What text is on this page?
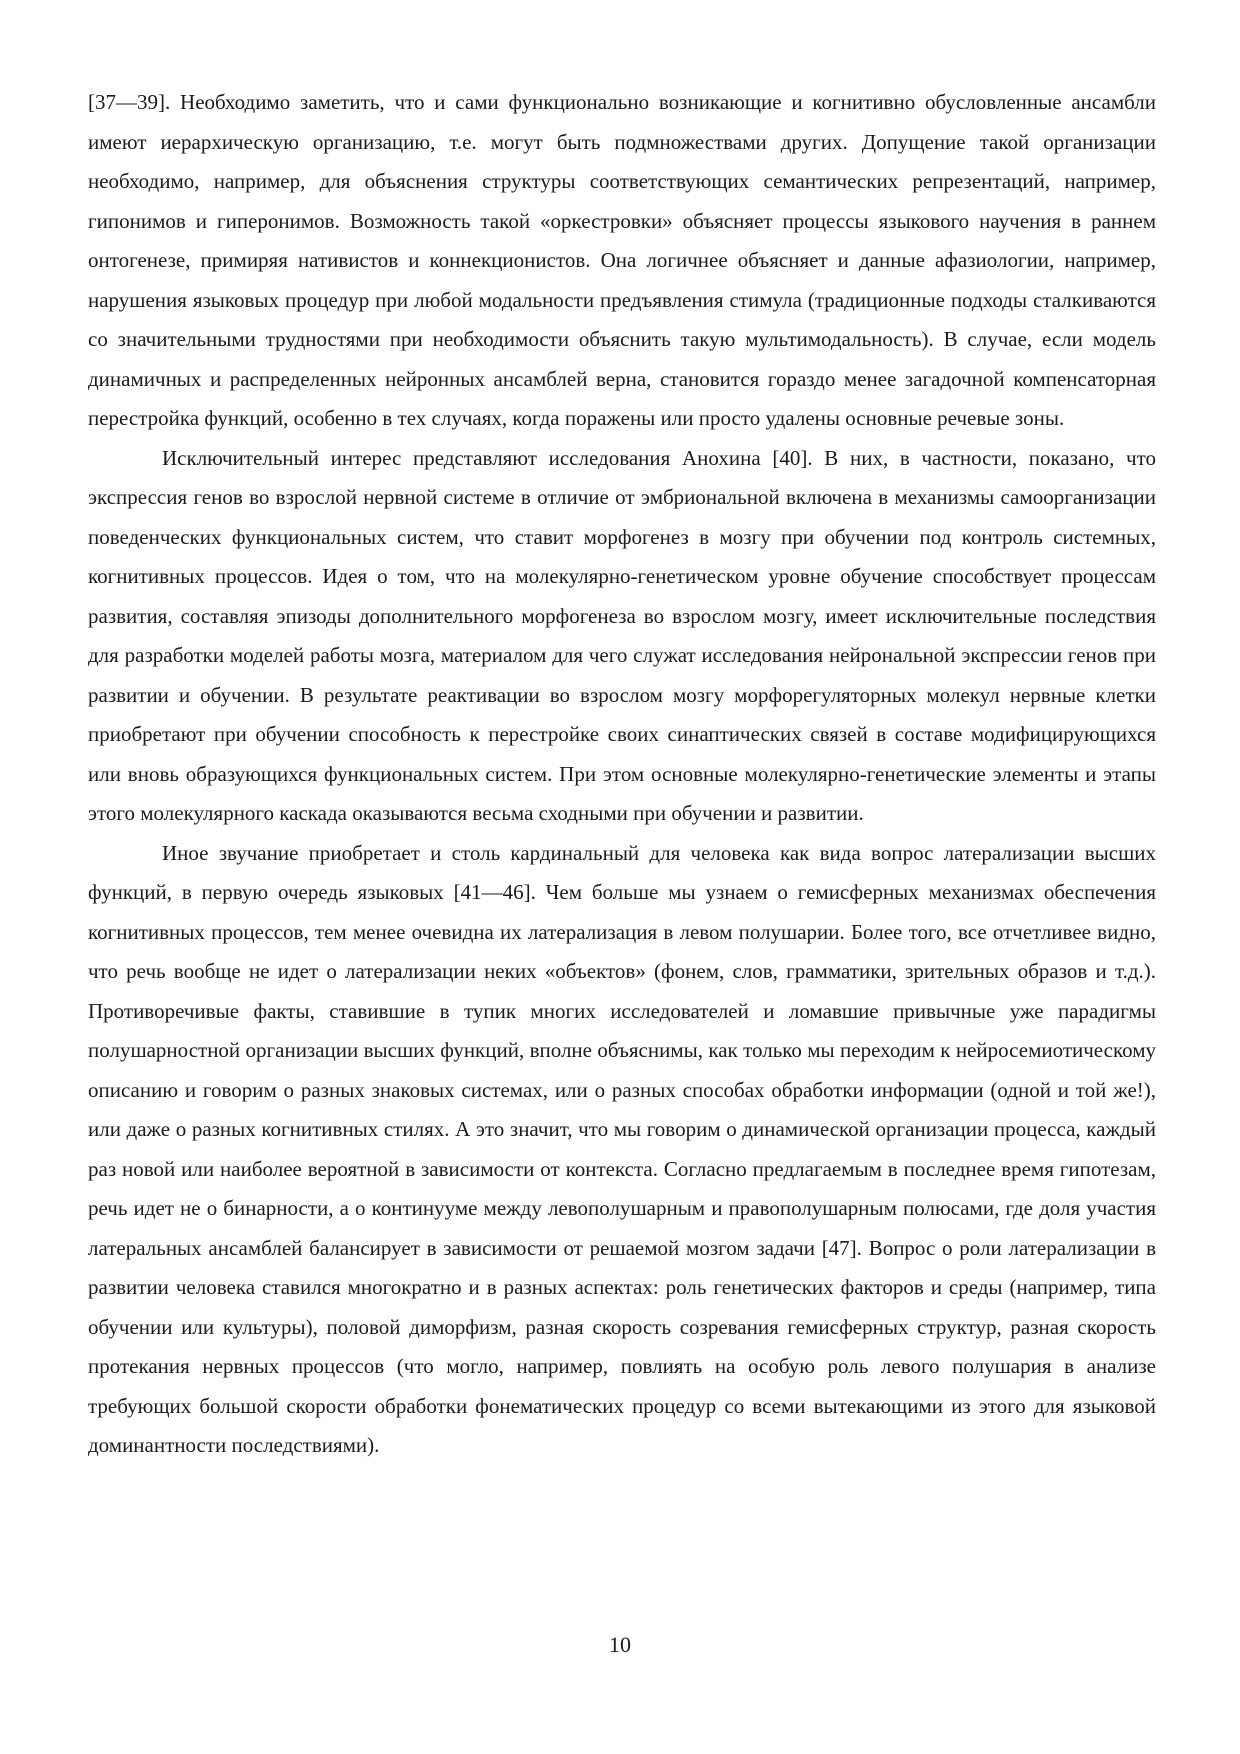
[37—39]. Необходимо заметить, что и сами функционально возникающие и когнитивно обусловленные ансамбли имеют иерархическую организацию, т.е. могут быть подмножествами других. Допущение такой организации необходимо, например, для объяснения структуры соответствующих семантических репрезентаций, например, гипонимов и гиперонимов. Возможность такой «оркестровки» объясняет процессы языкового научения в раннем онтогенезе, примиряя нативистов и коннекционистов. Она логичнее объясняет и данные афазиологии, например, нарушения языковых процедур при любой модальности предъявления стимула (традиционные подходы сталкиваются со значительными трудностями при необходимости объяснить такую мультимодальность). В случае, если модель динамичных и распределенных нейронных ансамблей верна, становится гораздо менее загадочной компенсаторная перестройка функций, особенно в тех случаях, когда поражены или просто удалены основные речевые зоны.

Исключительный интерес представляют исследования Анохина [40]. В них, в частности, показано, что экспрессия генов во взрослой нервной системе в отличие от эмбриональной включена в механизмы самоорганизации поведенческих функциональных систем, что ставит морфогенез в мозгу при обучении под контроль системных, когнитивных процессов. Идея о том, что на молекулярно-генетическом уровне обучение способствует процессам развития, составляя эпизоды дополнительного морфогенеза во взрослом мозгу, имеет исключительные последствия для разработки моделей работы мозга, материалом для чего служат исследования нейрональной экспрессии генов при развитии и обучении. В результате реактивации во взрослом мозгу морфорегуляторных молекул нервные клетки приобретают при обучении способность к перестройке своих синаптических связей в составе модифицирующихся или вновь образующихся функциональных систем. При этом основные молекулярно-генетические элементы и этапы этого молекулярного каскада оказываются весьма сходными при обучении и развитии.

Иное звучание приобретает и столь кардинальный для человека как вида вопрос латерализации высших функций, в первую очередь языковых [41—46]. Чем больше мы узнаем о гемисферных механизмах обеспечения когнитивных процессов, тем менее очевидна их латерализация в левом полушарии. Более того, все отчетливее видно, что речь вообще не идет о латерализации неких «объектов» (фонем, слов, грамматики, зрительных образов и т.д.). Противоречивые факты, ставившие в тупик многих исследователей и ломавшие привычные уже парадигмы полушарностной организации высших функций, вполне объяснимы, как только мы переходим к нейросемиотическому описанию и говорим о разных знаковых системах, или о разных способах обработки информации (одной и той же!), или даже о разных когнитивных стилях. А это значит, что мы говорим о динамической организации процесса, каждый раз новой или наиболее вероятной в зависимости от контекста. Согласно предлагаемым в последнее время гипотезам, речь идет не о бинарности, а о континууме между левополушарным и правополушарным полюсами, где доля участия латеральных ансамблей балансирует в зависимости от решаемой мозгом задачи [47]. Вопрос о роли латерализации в развитии человека ставился многократно и в разных аспектах: роль генетических факторов и среды (например, типа обучении или культуры), половой диморфизм, разная скорость созревания гемисферных структур, разная скорость протекания нервных процессов (что могло, например, повлиять на особую роль левого полушария в анализе требующих большой скорости обработки фонематических процедур со всеми вытекающими из этого для языковой доминантности последствиями).

10
